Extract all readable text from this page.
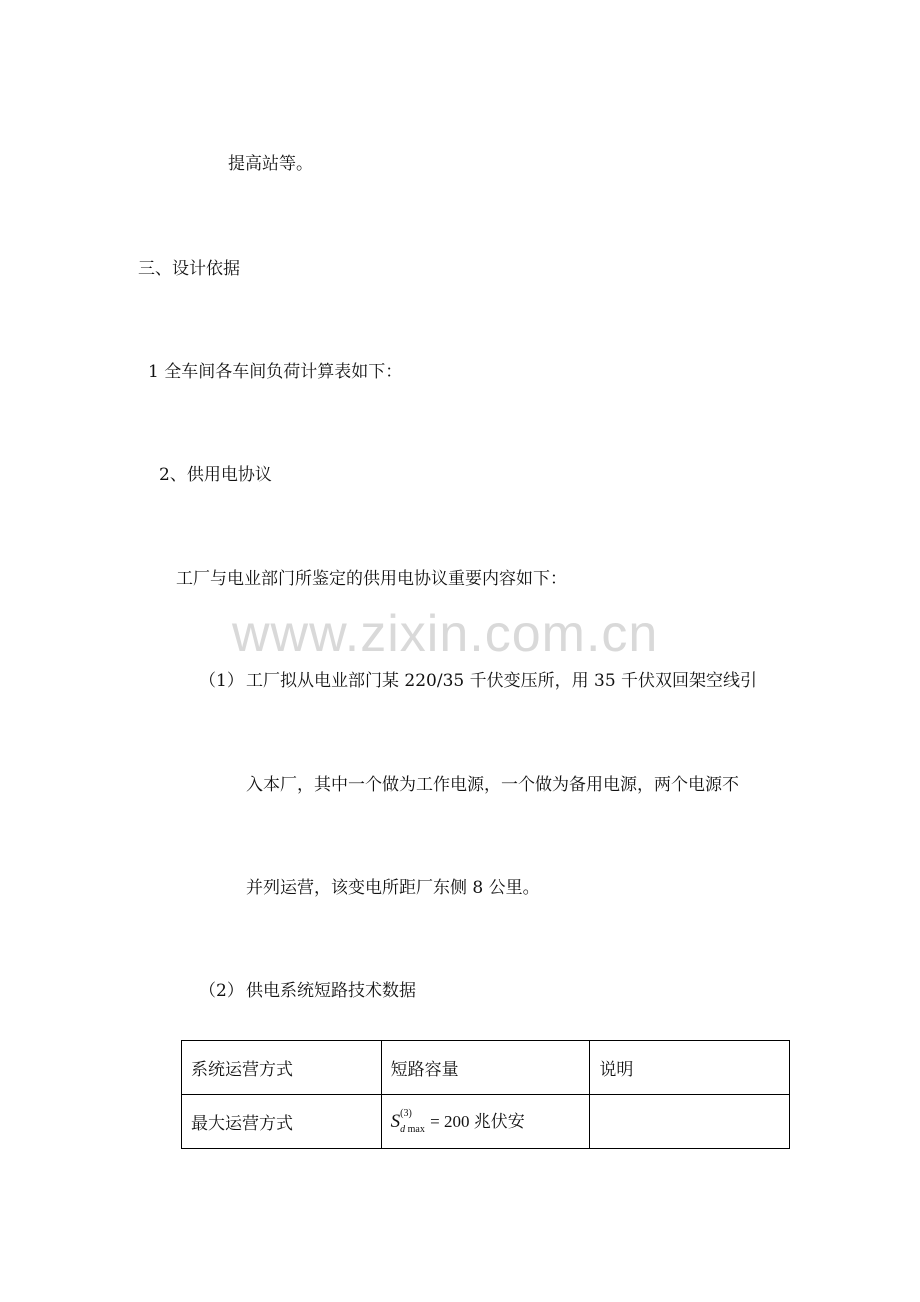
提高站等。
三、设计依据
1 全车间各车间负荷计算表如下：
2、供用电协议
工厂与电业部门所鉴定的供用电协议重要内容如下：
www.zixin.com.cn
（1） 工厂拟从电业部门某 220/35 千伏变压所，用 35 千伏双回架空线引
入本厂，其中一个做为工作电源，一个做为备用电源，两个电源不
并列运营，该变电所距厂东侧 8 公里。
（2） 供电系统短路技术数据
系统运营方式	短路容量	说明
最大运营方式	S (3)
d max = 200 兆伏安	
